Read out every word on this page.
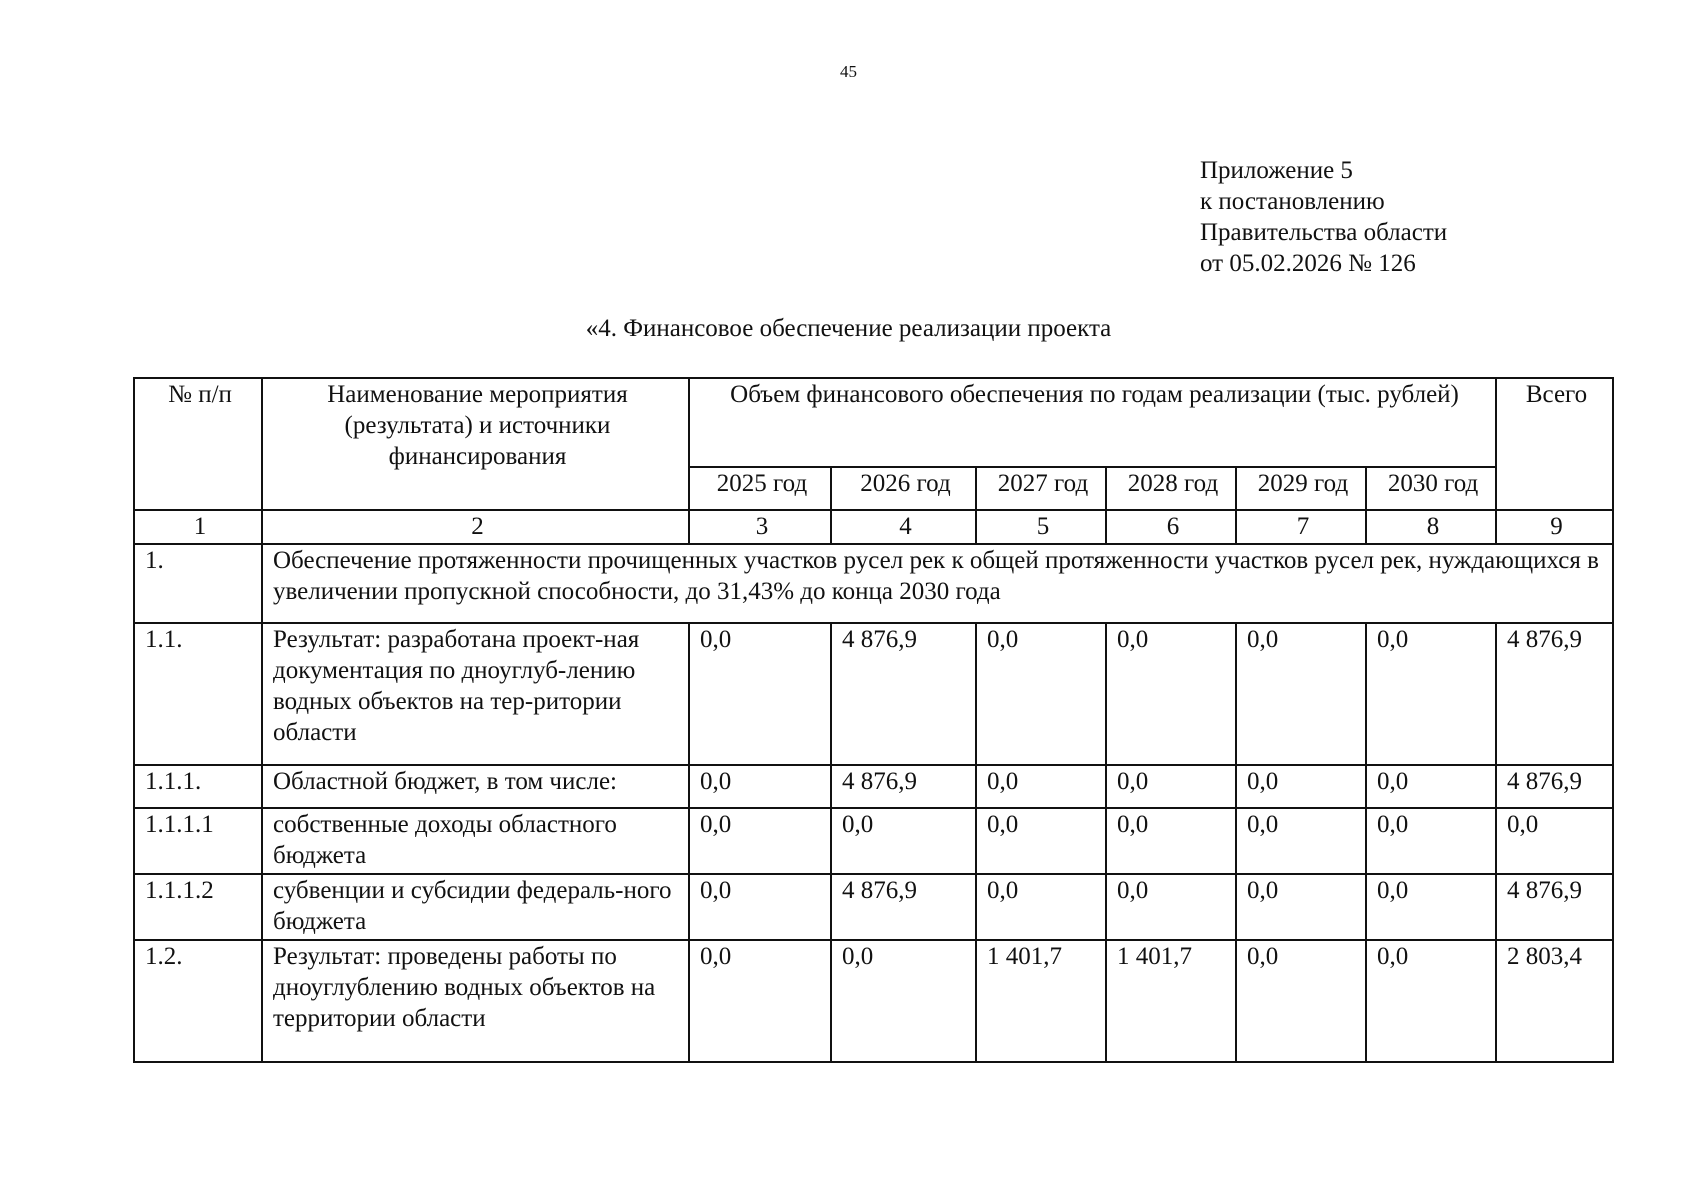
45
Приложение 5
к постановлению
Правительства области
от 05.02.2026 № 126
«4. Финансовое обеспечение реализации проекта
№ п/п	Наименование мероприятия (результата) и источники финансирования	Объем финансового обеспечения по годам реализации (тыс. рублей)						Всего
		2025 год	2026 год	2027 год	2028 год	2029 год	2030 год	
1	2	3	4	5	6	7	8	9
1.	Обеспечение протяженности прочищенных участков русел рек к общей протяженности участков русел рек, нуждающихся в увеличении пропускной способности, до 31,43% до конца 2030 года							
1.1.	Результат: разработана проект-ная документация по дноуглуб-лению водных объектов на тер-ритории области	0,0	4 876,9	0,0	0,0	0,0	0,0	4 876,9
1.1.1.	Областной бюджет, в том числе:	0,0	4 876,9	0,0	0,0	0,0	0,0	4 876,9
1.1.1.1	собственные доходы областного бюджета	0,0	0,0	0,0	0,0	0,0	0,0	0,0
1.1.1.2	субвенции и субсидии федераль-ного бюджета	0,0	4 876,9	0,0	0,0	0,0	0,0	4 876,9
1.2.	Результат: проведены работы по дноуглублению водных объектов на территории области	0,0	0,0	1 401,7	1 401,7	0,0	0,0	2 803,4
